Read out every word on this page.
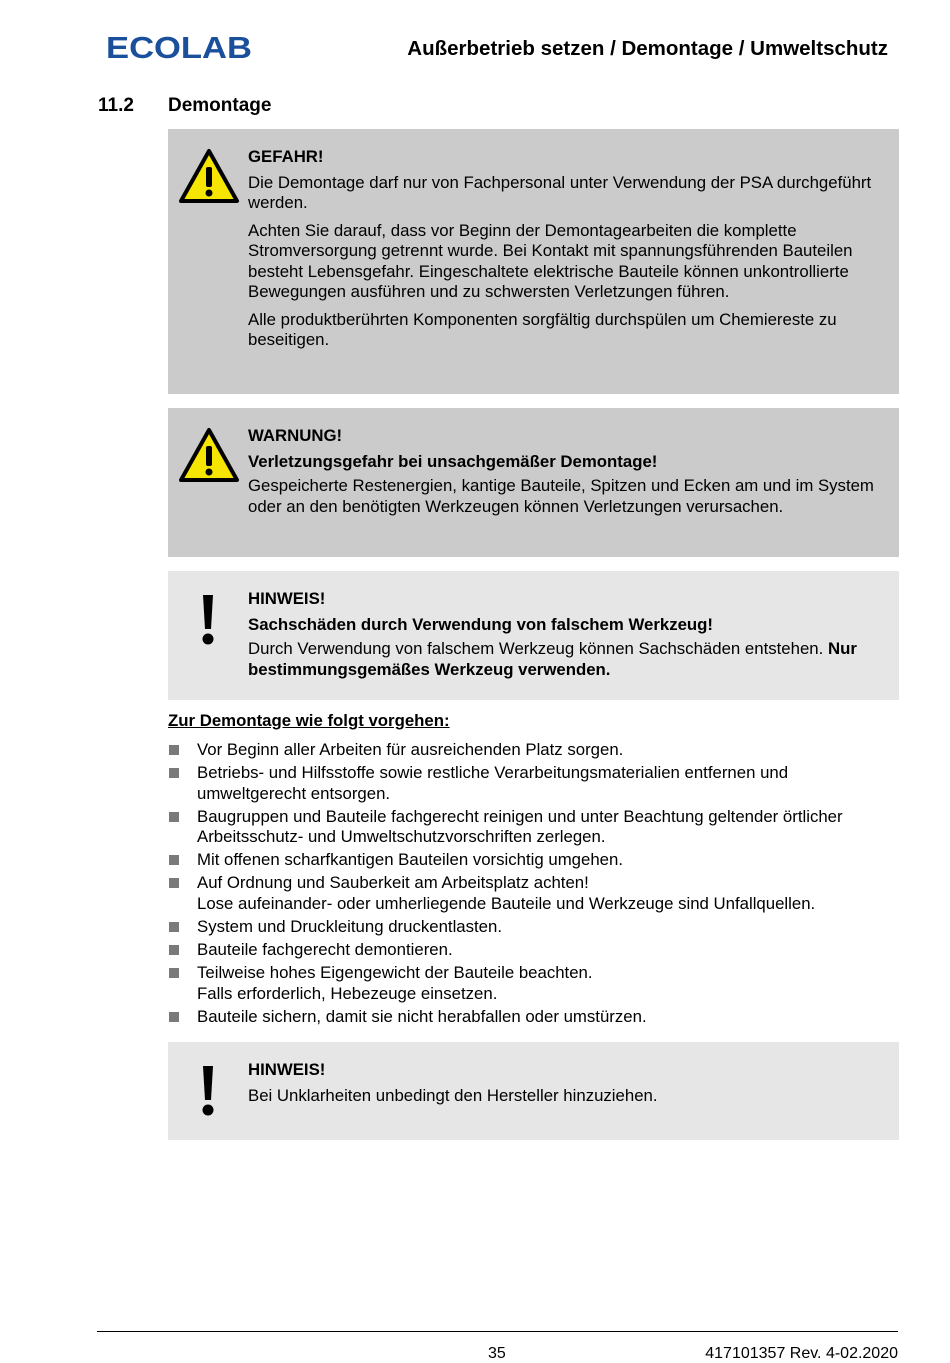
ECOLAB	Außerbetrieb setzen / Demontage / Umweltschutz
11.2 Demontage

GEFAHR!

Die Demontage darf nur von Fachpersonal unter Verwendung der PSA durchgeführt werden.

Achten Sie darauf, dass vor Beginn der Demontagearbeiten die komplette Stromversorgung getrennt wurde. Bei Kontakt mit spannungsführenden Bauteilen besteht Lebensgefahr. Eingeschaltete elektrische Bauteile können unkontrollierte Bewegungen ausführen und zu schwersten Verletzungen führen.

Alle produktberührten Komponenten sorgfältig durchspülen um Chemiereste zu beseitigen.

WARNUNG!

Verletzungsgefahr bei unsachgemäßer Demontage!

Gespeicherte Restenergien, kantige Bauteile, Spitzen und Ecken am und im System oder an den benötigten Werkzeugen können Verletzungen verursachen.

HINWEIS!

Sachschäden durch Verwendung von falschem Werkzeug!

Durch Verwendung von falschem Werkzeug können Sachschäden entstehen. Nur bestimmungsgemäßes Werkzeug verwenden.

Zur Demontage wie folgt vorgehen:
Vor Beginn aller Arbeiten für ausreichenden Platz sorgen.
Betriebs- und Hilfsstoffe sowie restliche Verarbeitungsmaterialien entfernen und umweltgerecht entsorgen.
Baugruppen und Bauteile fachgerecht reinigen und unter Beachtung geltender örtlicher Arbeitsschutz- und Umweltschutzvorschriften zerlegen.
Mit offenen scharfkantigen Bauteilen vorsichtig umgehen.
Auf Ordnung und Sauberkeit am Arbeitsplatz achten!
Lose aufeinander- oder umherliegende Bauteile und Werkzeuge sind Unfallquellen.
System und Druckleitung druckentlasten.
Bauteile fachgerecht demontieren.
Teilweise hohes Eigengewicht der Bauteile beachten.
Falls erforderlich, Hebezeuge einsetzen.
Bauteile sichern, damit sie nicht herabfallen oder umstürzen.

HINWEIS!

Bei Unklarheiten unbedingt den Hersteller hinzuziehen.

35	417101357 Rev. 4-02.2020
